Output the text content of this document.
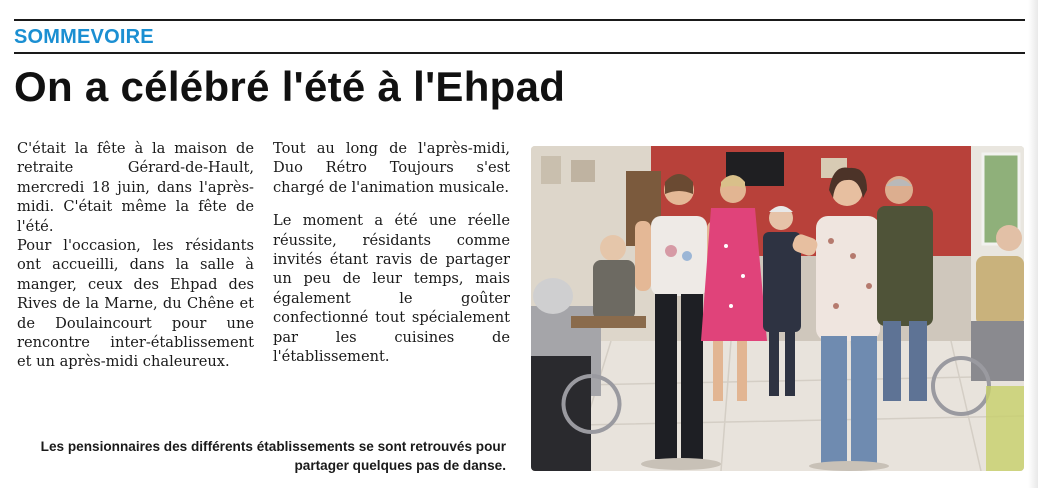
SOMMEVOIRE
On a célébré l'été à l'Ehpad

C'était la fête à la maison de retraite Gérard-de-Hault, mercredi 18 juin, dans l'après-midi. C'était même la fête de l'été.

Pour l'occasion, les résidants ont accueilli, dans la salle à manger, ceux des Ehpad des Rives de la Marne, du Chêne et de Doulaincourt pour une rencontre inter-établissement et un après-midi chaleureux.

Tout au long de l'après-midi, Duo Rétro Toujours s'est chargé de l'animation musicale.

Le moment a été une réelle réussite, résidants comme invités étant ravis de partager un peu de leur temps, mais également le goûter confectionné tout spécialement par les cuisines de l'établissement.

Les pensionnaires des différents établissements se sont retrouvés pour partager quelques pas de danse.
